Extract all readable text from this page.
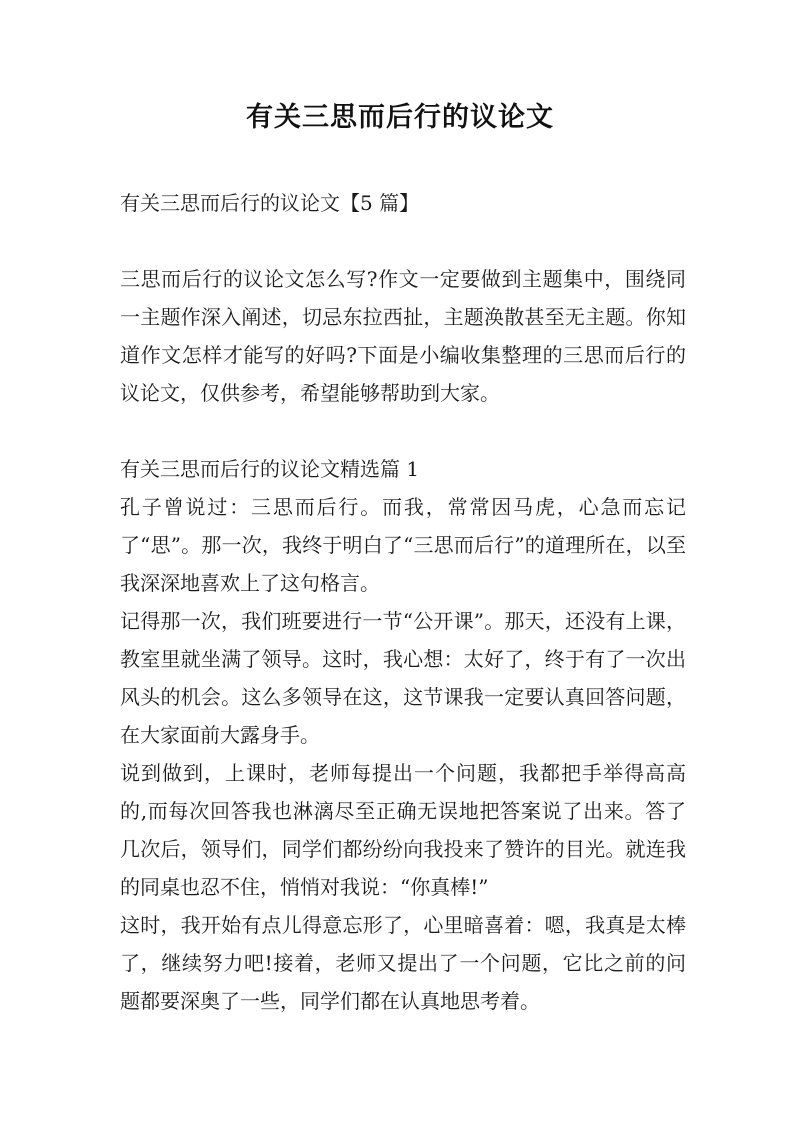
有关三思而后行的议论文

有关三思而后行的议论文【5 篇】

三思而后行的议论文怎么写?作文一定要做到主题集中，围绕同一主题作深入阐述，切忌东拉西扯，主题涣散甚至无主题。你知道作文怎样才能写的好吗?下面是小编收集整理的三思而后行的议论文，仅供参考，希望能够帮助到大家。

有关三思而后行的议论文精选篇 1

孔子曾说过：三思而后行。而我，常常因马虎，心急而忘记了“思”。那一次，我终于明白了“三思而后行”的道理所在，以至我深深地喜欢上了这句格言。

记得那一次，我们班要进行一节“公开课”。那天，还没有上课，教室里就坐满了领导。这时，我心想：太好了，终于有了一次出风头的机会。这么多领导在这，这节课我一定要认真回答问题，在大家面前大露身手。

说到做到，上课时，老师每提出一个问题，我都把手举得高高的,而每次回答我也淋漓尽至正确无误地把答案说了出来。答了几次后，领导们，同学们都纷纷向我投来了赞许的目光。就连我的同桌也忍不住，悄悄对我说：“你真棒!”

这时，我开始有点儿得意忘形了，心里暗喜着：嗯，我真是太棒了，继续努力吧!接着，老师又提出了一个问题，它比之前的问题都要深奥了一些，同学们都在认真地思考着。
